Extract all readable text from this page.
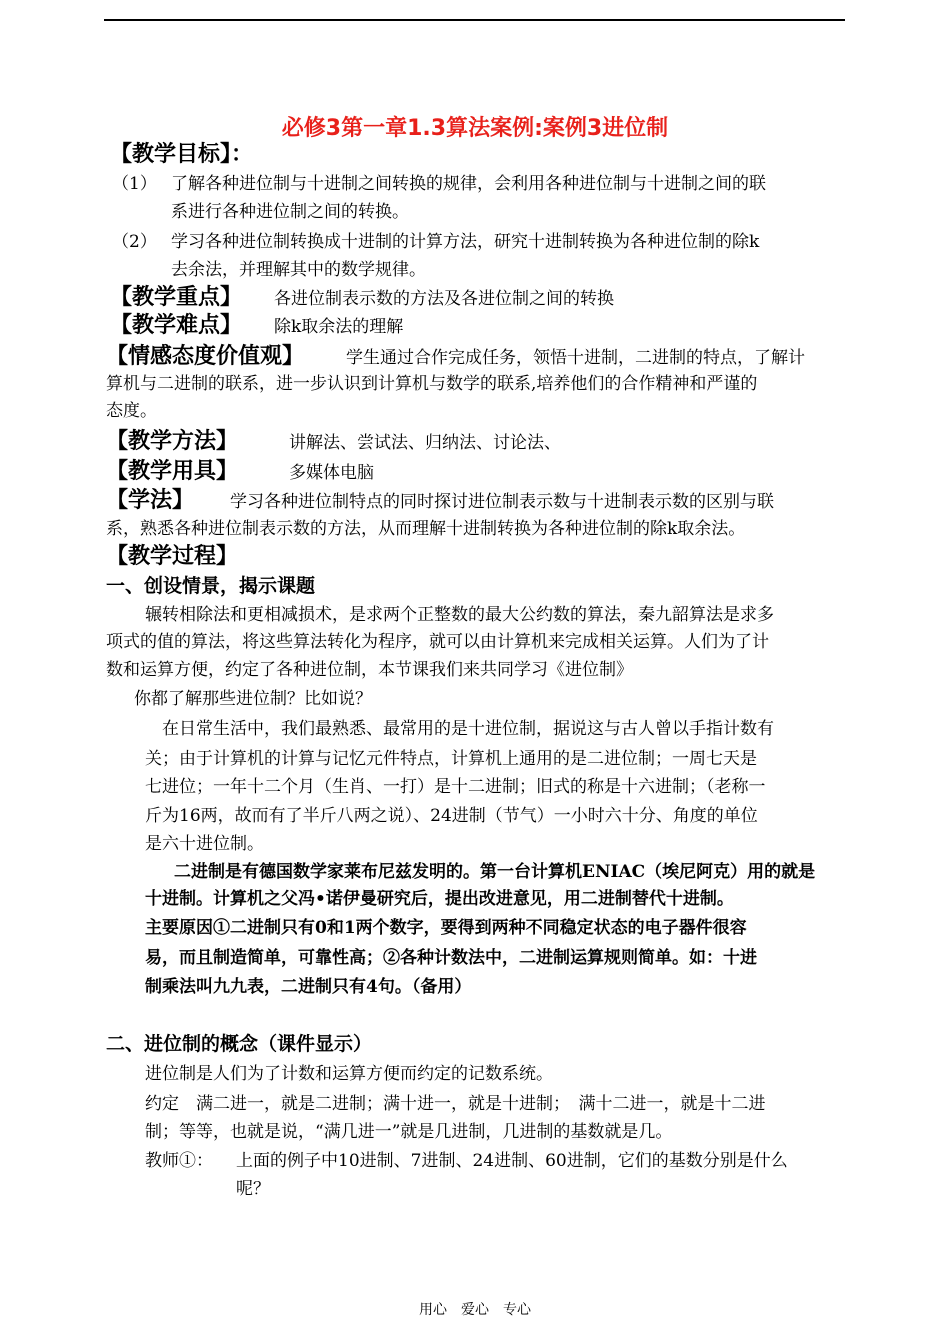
必修3第一章1.3算法案例:案例3进位制
【教学目标】：
（1） 了解各种进位制与十进制之间转换的规律，会利用各种进位制与十进制之间的联
系进行各种进位制之间的转换。
（2） 学习各种进位制转换成十进制的计算方法，研究十进制转换为各种进位制的除k
去余法，并理解其中的数学规律。
【教学重点】 各进位制表示数的方法及各进位制之间的转换
【教学难点】 除k取余法的理解
【情感态度价值观】 学生通过合作完成任务，领悟十进制，二进制的特点，了解计
算机与二进制的联系，进一步认识到计算机与数学的联系,培养他们的合作精神和严谨的
态度。
【教学方法】	讲解法、尝试法、归纳法、讨论法、
【教学用具】	多媒体电脑
【学法】 学习各种进位制特点的同时探讨进位制表示数与十进制表示数的区别与联
系，熟悉各种进位制表示数的方法，从而理解十进制转换为各种进位制的除k取余法。
【教学过程】
一、创设情景，揭示课题
辗转相除法和更相减损术，是求两个正整数的最大公约数的算法，秦九韶算法是求多
项式的值的算法，将这些算法转化为程序，就可以由计算机来完成相关运算。人们为了计
数和运算方便，约定了各种进位制，本节课我们来共同学习《进位制》
你都了解那些进位制？比如说？
在日常生活中，我们最熟悉、最常用的是十进位制，据说这与古人曾以手指计数有
关；由于计算机的计算与记忆元件特点，计算机上通用的是二进位制；一周七天是
七进位；一年十二个月（生肖、一打）是十二进制；旧式的称是十六进制；（老称一
斤为16两，故而有了半斤八两之说）、24进制（节气）一小时六十分、角度的单位
是六十进位制。
二进制是有德国数学家莱布尼兹发明的。第一台计算机ENIAC（埃尼阿克）用的就是
十进制。计算机之父冯•诺伊曼研究后，提出改进意见，用二进制替代十进制。
主要原因①二进制只有0和1两个数字，要得到两种不同稳定状态的电子器件很容
易，而且制造简单，可靠性高；②各种计数法中，二进制运算规则简单。如：十进
制乘法叫九九表，二进制只有4句。（备用）
二、进位制的概念（课件显示）
进位制是人们为了计数和运算方便而约定的记数系统。
约定　满二进一，就是二进制；满十进一，就是十进制；　满十二进一，就是十二进
制；等等，也就是说，“满几进一”就是几进制，几进制的基数就是几。
教师①： 上面的例子中10进制、7进制、24进制、60进制，它们的基数分别是什么
呢？
用心　爱心　专心
